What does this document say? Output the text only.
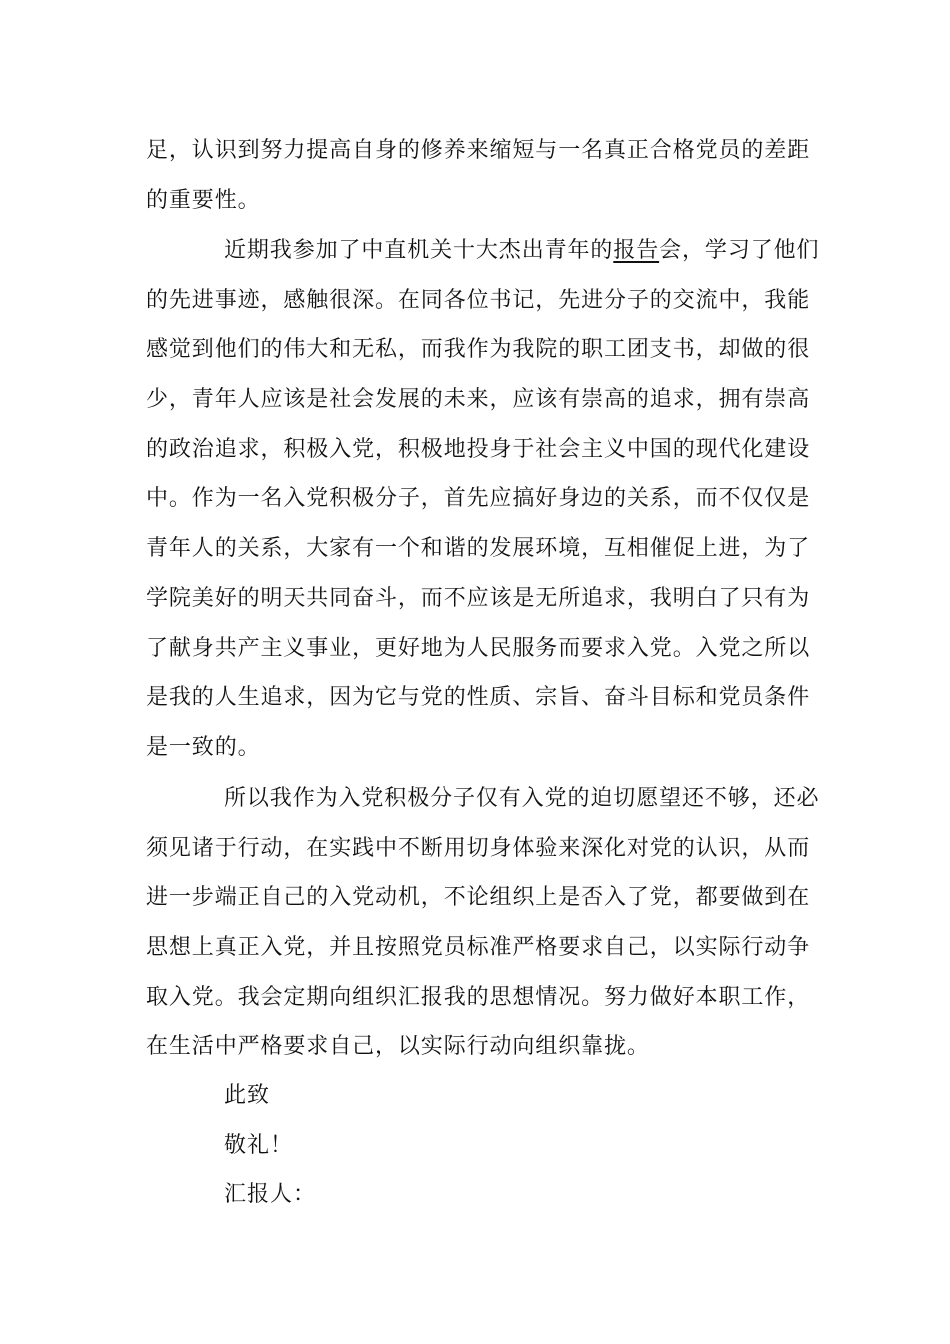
足，认识到努力提高自身的修养来缩短与一名真正合格党员的差距
的重要性。
近期我参加了中直机关十大杰出青年的报告会，学习了他们
的先进事迹，感触很深。在同各位书记，先进分子的交流中，我能
感觉到他们的伟大和无私，而我作为我院的职工团支书，却做的很
少，青年人应该是社会发展的未来，应该有崇高的追求，拥有崇高
的政治追求，积极入党，积极地投身于社会主义中国的现代化建设
中。作为一名入党积极分子，首先应搞好身边的关系，而不仅仅是
青年人的关系，大家有一个和谐的发展环境，互相催促上进，为了
学院美好的明天共同奋斗，而不应该是无所追求，我明白了只有为
了献身共产主义事业，更好地为人民服务而要求入党。入党之所以
是我的人生追求，因为它与党的性质、宗旨、奋斗目标和党员条件
是一致的。
所以我作为入党积极分子仅有入党的迫切愿望还不够，还必
须见诸于行动，在实践中不断用切身体验来深化对党的认识，从而
进一步端正自己的入党动机，不论组织上是否入了党，都要做到在
思想上真正入党，并且按照党员标准严格要求自己，以实际行动争
取入党。我会定期向组织汇报我的思想情况。努力做好本职工作，
在生活中严格要求自己，以实际行动向组织靠拢。
此致
敬礼！
汇报人：
